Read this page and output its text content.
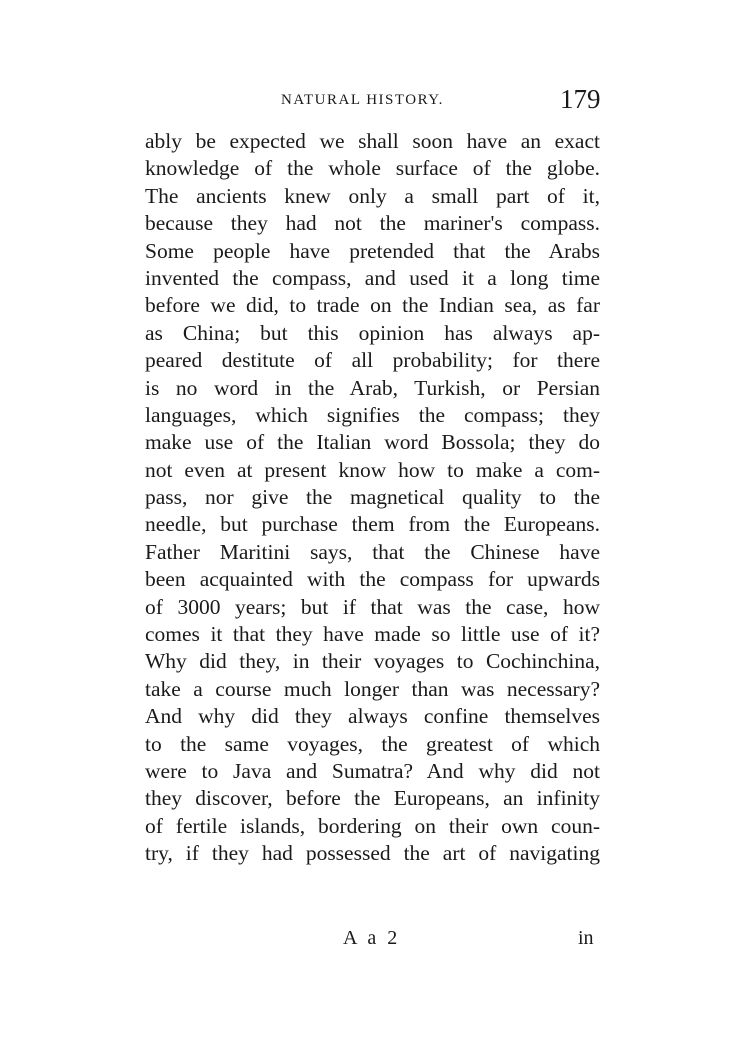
NATURAL HISTORY.	179
ably be expected we shall soon have an exact
knowledge of the whole surface of the globe.
The ancients knew only a small part of it,
because they had not the mariner's compass.
Some people have pretended that the Arabs
invented the compass, and used it a long time
before we did, to trade on the Indian sea, as far
as China; but this opinion has always ap-
peared destitute of all probability; for there
is no word in the Arab, Turkish, or Persian
languages, which signifies the compass; they
make use of the Italian word Bossola; they do
not even at present know how to make a com-
pass, nor give the magnetical quality to the
needle, but purchase them from the Europeans.
Father Maritini says, that the Chinese have
been acquainted with the compass for upwards
of 3000 years; but if that was the case, how
comes it that they have made so little use of it?
Why did they, in their voyages to Cochinchina,
take a course much longer than was necessary?
And why did they always confine themselves
to the same voyages, the greatest of which
were to Java and Sumatra? And why did not
they discover, before the Europeans, an infinity
of fertile islands, bordering on their own coun-
try, if they had possessed the art of navigating
A a 2	in
